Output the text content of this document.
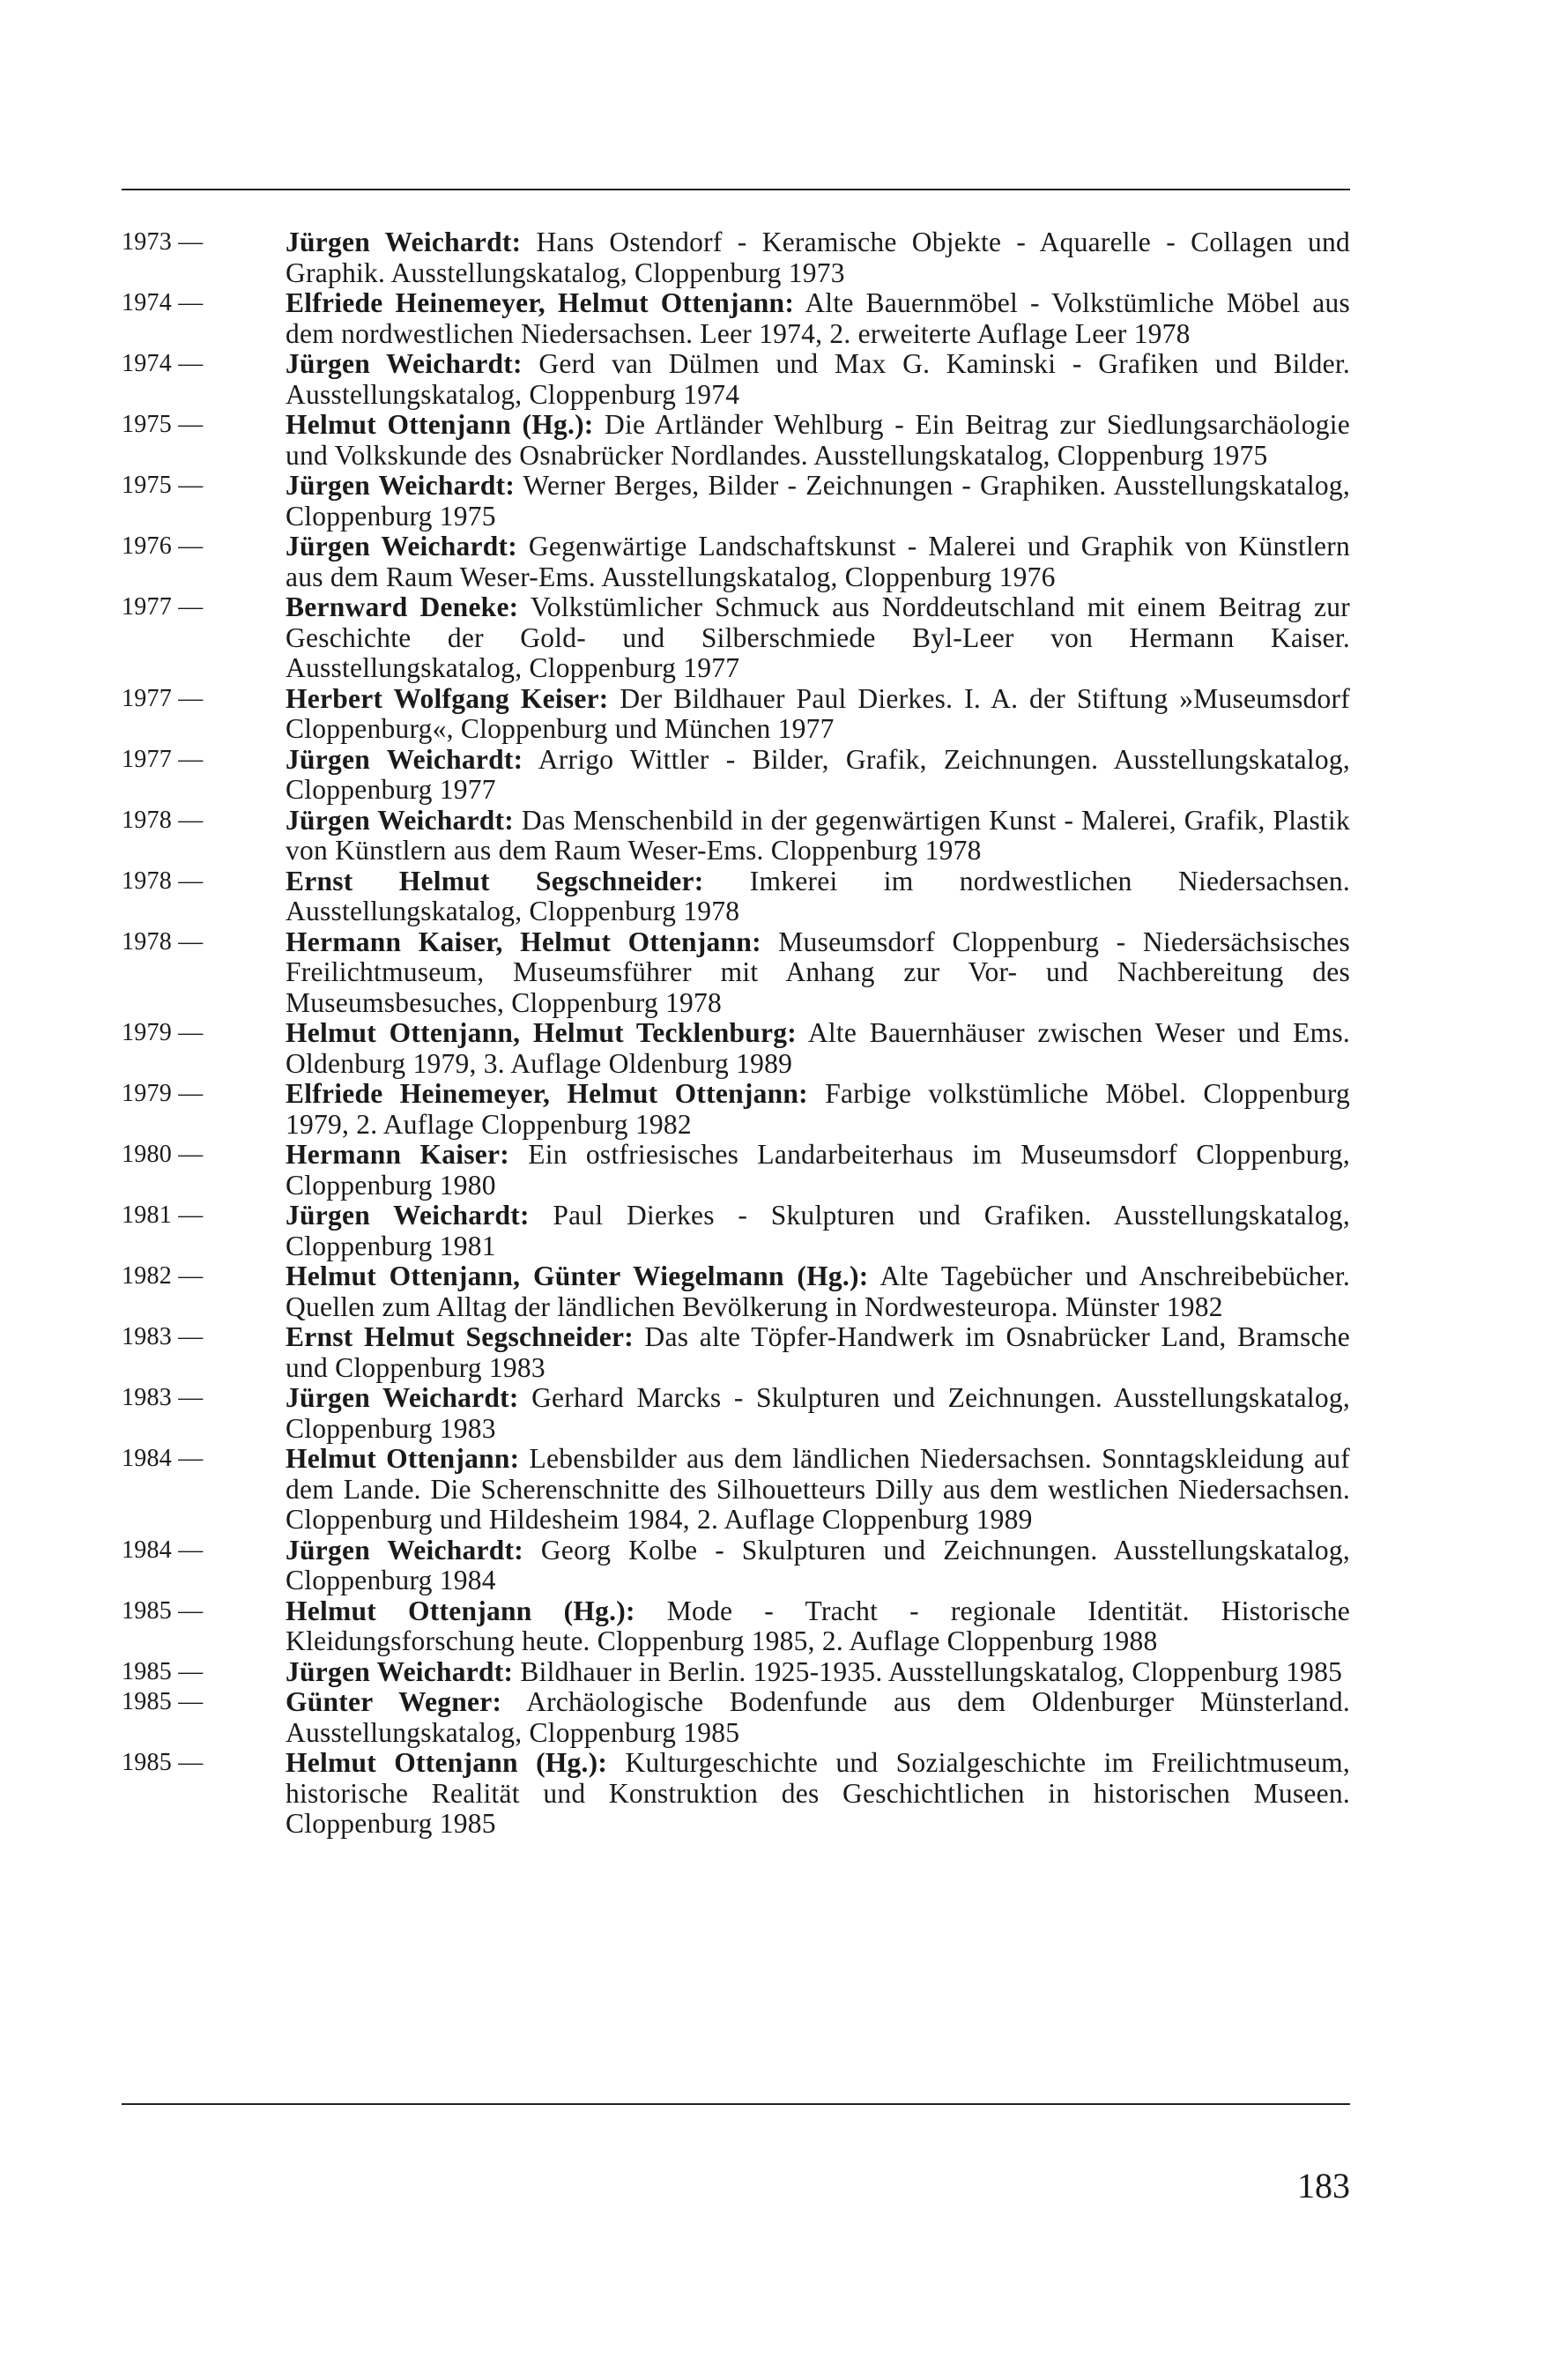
1973 —	Jürgen Weichardt: Hans Ostendorf - Keramische Objekte - Aquarelle - Collagen und Graphik. Ausstellungskatalog, Cloppenburg 1973
1974 —	Elfriede Heinemeyer, Helmut Ottenjann: Alte Bauernmöbel - Volkstümliche Möbel aus dem nordwestlichen Niedersachsen. Leer 1974, 2. erweiterte Auflage Leer 1978
1974 —	Jürgen Weichardt: Gerd van Dülmen und Max G. Kaminski - Grafiken und Bilder. Ausstellungskatalog, Cloppenburg 1974
1975 —	Helmut Ottenjann (Hg.): Die Artländer Wehlburg - Ein Beitrag zur Siedlungsarchäologie und Volkskunde des Osnabrücker Nordlandes. Ausstellungskatalog, Cloppenburg 1975
1975 —	Jürgen Weichardt: Werner Berges, Bilder - Zeichnungen - Graphiken. Ausstellungskatalog, Cloppenburg 1975
1976 —	Jürgen Weichardt: Gegenwärtige Landschaftskunst - Malerei und Graphik von Künstlern aus dem Raum Weser-Ems. Ausstellungskatalog, Cloppenburg 1976
1977 —	Bernward Deneke: Volkstümlicher Schmuck aus Norddeutschland mit einem Beitrag zur Geschichte der Gold- und Silberschmiede Byl-Leer von Hermann Kaiser. Ausstellungskatalog, Cloppenburg 1977
1977 —	Herbert Wolfgang Keiser: Der Bildhauer Paul Dierkes. I. A. der Stiftung »Museumsdorf Cloppenburg«, Cloppenburg und München 1977
1977 —	Jürgen Weichardt: Arrigo Wittler - Bilder, Grafik, Zeichnungen. Ausstellungskatalog, Cloppenburg 1977
1978 —	Jürgen Weichardt: Das Menschenbild in der gegenwärtigen Kunst - Malerei, Grafik, Plastik von Künstlern aus dem Raum Weser-Ems. Cloppenburg 1978
1978 —	Ernst Helmut Segschneider: Imkerei im nordwestlichen Niedersachsen. Ausstellungskatalog, Cloppenburg 1978
1978 —	Hermann Kaiser, Helmut Ottenjann: Museumsdorf Cloppenburg - Niedersächsisches Freilichtmuseum, Museumsführer mit Anhang zur Vor- und Nachbereitung des Museumsbesuches, Cloppenburg 1978
1979 —	Helmut Ottenjann, Helmut Tecklenburg: Alte Bauernhäuser zwischen Weser und Ems. Oldenburg 1979, 3. Auflage Oldenburg 1989
1979 —	Elfriede Heinemeyer, Helmut Ottenjann: Farbige volkstümliche Möbel. Cloppenburg 1979, 2. Auflage Cloppenburg 1982
1980 —	Hermann Kaiser: Ein ostfriesisches Landarbeiterhaus im Museumsdorf Cloppenburg, Cloppenburg 1980
1981 —	Jürgen Weichardt: Paul Dierkes - Skulpturen und Grafiken. Ausstellungskatalog, Cloppenburg 1981
1982 —	Helmut Ottenjann, Günter Wiegelmann (Hg.): Alte Tagebücher und Anschreibebücher. Quellen zum Alltag der ländlichen Bevölkerung in Nordwesteuropa. Münster 1982
1983 —	Ernst Helmut Segschneider: Das alte Töpfer-Handwerk im Osnabrücker Land, Bramsche und Cloppenburg 1983
1983 —	Jürgen Weichardt: Gerhard Marcks - Skulpturen und Zeichnungen. Ausstellungskatalog, Cloppenburg 1983
1984 —	Helmut Ottenjann: Lebensbilder aus dem ländlichen Niedersachsen. Sonntagskleidung auf dem Lande. Die Scherenschnitte des Silhouetteurs Dilly aus dem westlichen Niedersachsen. Cloppenburg und Hildesheim 1984, 2. Auflage Cloppenburg 1989
1984 —	Jürgen Weichardt: Georg Kolbe - Skulpturen und Zeichnungen. Ausstellungskatalog, Cloppenburg 1984
1985 —	Helmut Ottenjann (Hg.): Mode - Tracht - regionale Identität. Historische Kleidungsforschung heute. Cloppenburg 1985, 2. Auflage Cloppenburg 1988
1985 —	Jürgen Weichardt: Bildhauer in Berlin. 1925-1935. Ausstellungskatalog, Cloppenburg 1985
1985 —	Günter Wegner: Archäologische Bodenfunde aus dem Oldenburger Münsterland. Ausstellungskatalog, Cloppenburg 1985
1985 —	Helmut Ottenjann (Hg.): Kulturgeschichte und Sozialgeschichte im Freilichtmuseum, historische Realität und Konstruktion des Geschichtlichen in historischen Museen. Cloppenburg 1985
183
